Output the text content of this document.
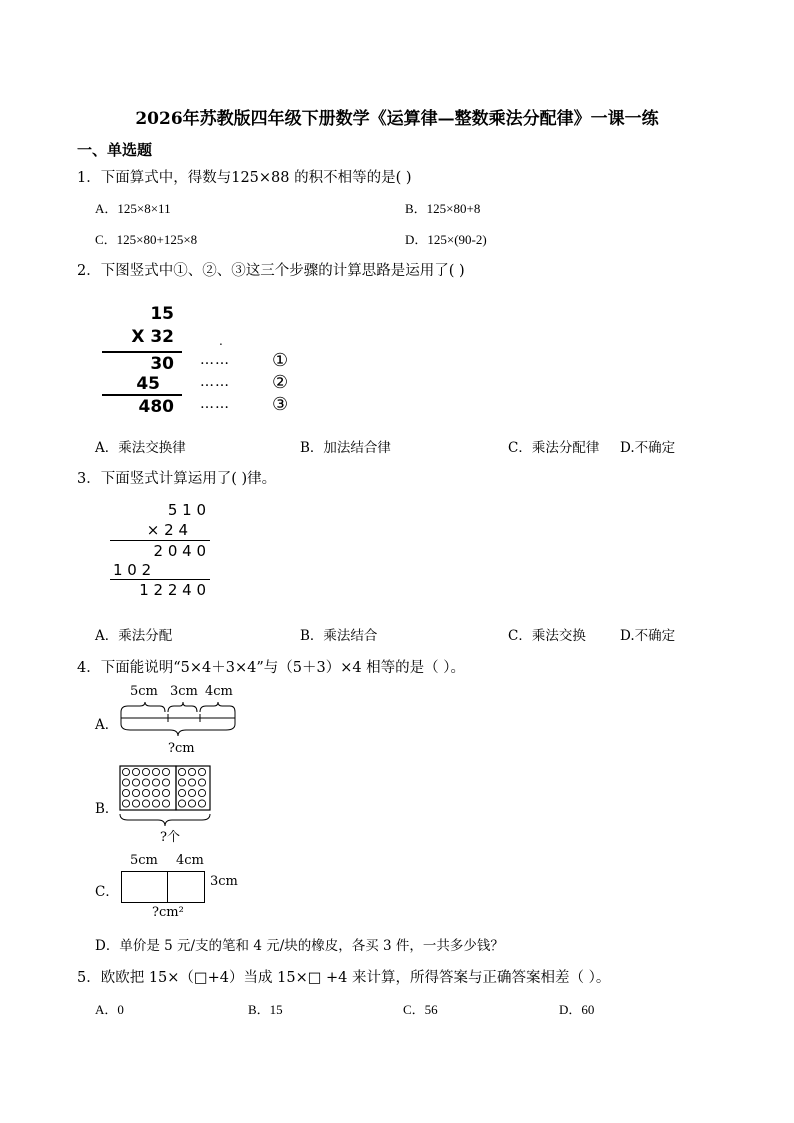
2026年苏教版四年级下册数学《运算律—整数乘法分配律》一课一练
一、单选题
1．下面算式中，得数与125×88 的积不相等的是( )
A．125×8×11	B．125×80+8
C．125×80+125×8	D．125×(90-2)
2．下图竖式中①、②、③这三个步骤的计算思路是运用了( )
15
X 32
30
45
480
.
…… ①
…… ②
…… ③
A．乘法交换律	B．加法结合律	C．乘法分配律 D.不确定
3．下面竖式计算运用了( )律。
5 1 0
× 2 4
2 0 4 0
1 0 2
1 2 2 4 0
A．乘法分配	B．乘法结合	C．乘法交换	D.不确定
4．下面能说明“5×4＋3×4”与（5＋3）×4 相等的是（ ）。
A．
5cm 3cm 4cm
?cm
B．
?个
C．
5cm 4cm
3cm
?cm²
D．单价是 5 元/支的笔和 4 元/块的橡皮，各买 3 件，一共多少钱？
5．欧欧把 15×（□+4）当成 15×□ +4 来计算，所得答案与正确答案相差（ ）。
A．0	B．15	C．56	D．60
